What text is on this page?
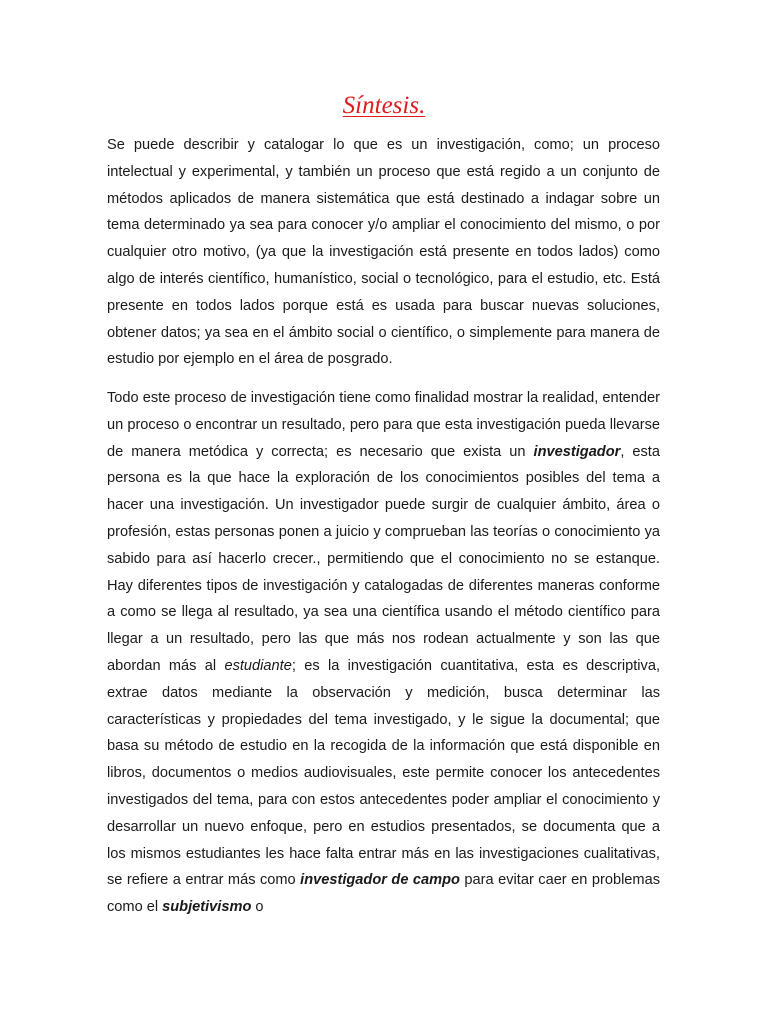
Síntesis.

Se puede describir y catalogar lo que es un investigación, como; un proceso intelectual y experimental, y también un proceso que está regido a un conjunto de métodos aplicados de manera sistemática que está destinado a indagar sobre un tema determinado ya sea para conocer y/o ampliar el conocimiento del mismo, o por cualquier otro motivo, (ya que la investigación está presente en todos lados) como algo de interés científico, humanístico, social o tecnológico, para el estudio, etc. Está presente en todos lados porque está es usada para buscar nuevas soluciones, obtener datos; ya sea en el ámbito social o científico, o simplemente para manera de estudio por ejemplo en el área de posgrado.

Todo este proceso de investigación tiene como finalidad mostrar la realidad, entender un proceso o encontrar un resultado, pero para que esta investigación pueda llevarse de manera metódica y correcta; es necesario que exista un investigador, esta persona es la que hace la exploración de los conocimientos posibles del tema a hacer una investigación. Un investigador puede surgir de cualquier ámbito, área o profesión, estas personas ponen a juicio y comprueban las teorías o conocimiento ya sabido para así hacerlo crecer., permitiendo que el conocimiento no se estanque. Hay diferentes tipos de investigación y catalogadas de diferentes maneras conforme a como se llega al resultado, ya sea una científica usando el método científico para llegar a un resultado, pero las que más nos rodean actualmente y son las que abordan más al estudiante; es la investigación cuantitativa, esta es descriptiva, extrae datos mediante la observación y medición, busca determinar las características y propiedades del tema investigado, y le sigue la documental; que basa su método de estudio en la recogida de la información que está disponible en libros, documentos o medios audiovisuales, este permite conocer los antecedentes investigados del tema, para con estos antecedentes poder ampliar el conocimiento y desarrollar un nuevo enfoque, pero en estudios presentados, se documenta que a los mismos estudiantes les hace falta entrar más en las investigaciones cualitativas, se refiere a entrar más como investigador de campo para evitar caer en problemas como el subjetivismo o
